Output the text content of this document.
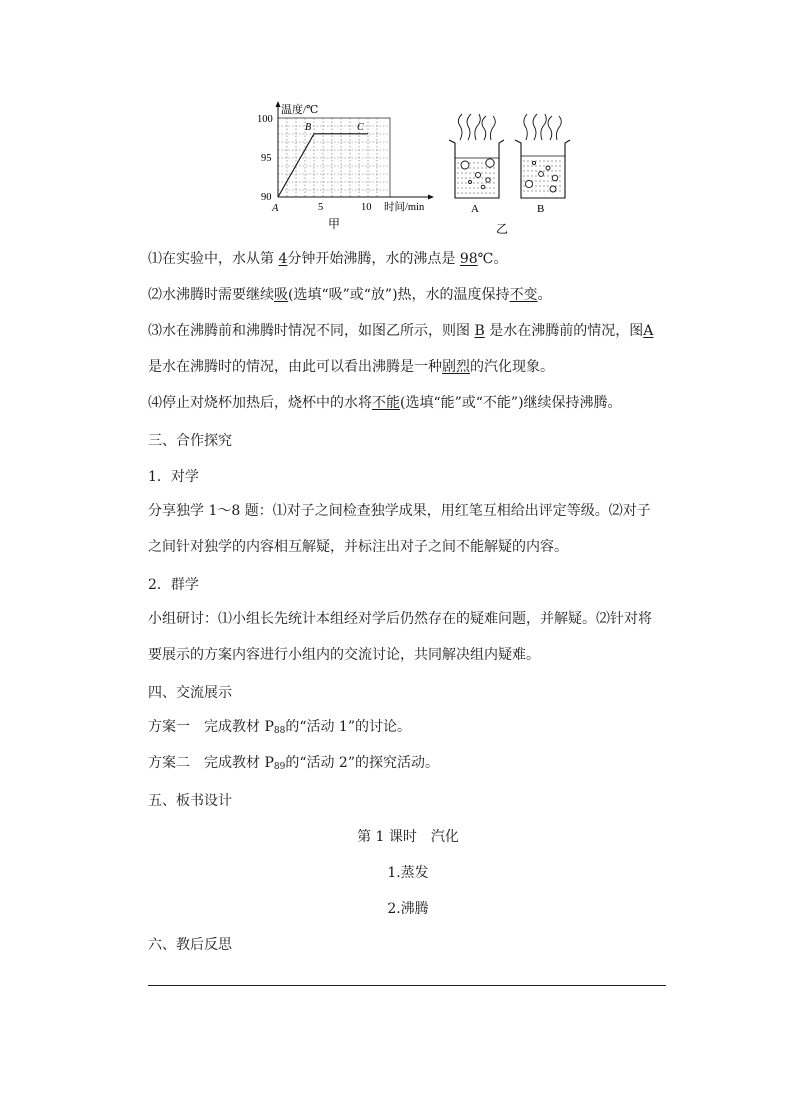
温度/℃
100
95
90
A	5	10 时间/min
B	C
甲
A	B
乙
⑴在实验中，水从第 4分钟开始沸腾，水的沸点是 98℃。
⑵水沸腾时需要继续吸(选填“吸”或“放”)热，水的温度保持不变。
⑶水在沸腾前和沸腾时情况不同，如图乙所示，则图 B 是水在沸腾前的情况，图A
是水在沸腾时的情况，由此可以看出沸腾是一种剧烈的汽化现象。
⑷停止对烧杯加热后，烧杯中的水将不能(选填“能”或“不能”)继续保持沸腾。
三、合作探究
1．对学
分享独学 1～8 题：⑴对子之间检查独学成果，用红笔互相给出评定等级。⑵对子
之间针对独学的内容相互解疑，并标注出对子之间不能解疑的内容。
2．群学
小组研讨：⑴小组长先统计本组经对学后仍然存在的疑难问题，并解疑。⑵针对将
要展示的方案内容进行小组内的交流讨论，共同解决组内疑难。
四、交流展示
方案一　完成教材 $P_{88}$的“活动 1”的讨论。
方案二　完成教材 $P_{89}$的“活动 2”的探究活动。
五、板书设计
第 1 课时　汽化
1.蒸发
2.沸腾
六、教后反思
